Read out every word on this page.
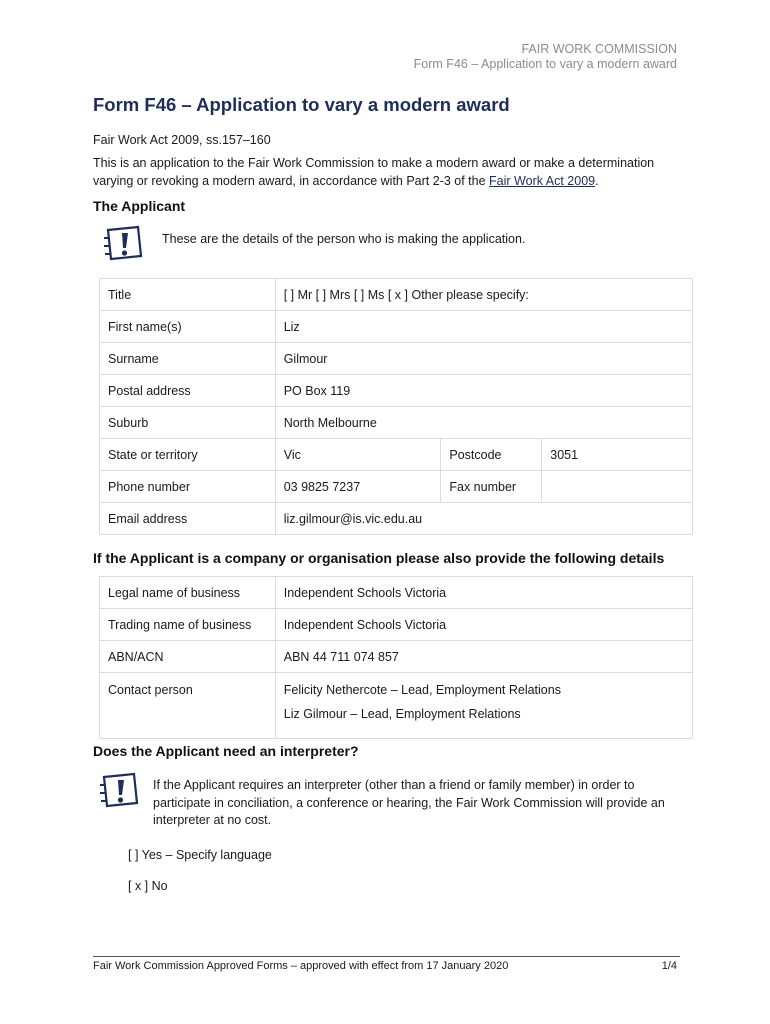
FAIR WORK COMMISSION
Form F46 – Application to vary a modern award
Form F46 – Application to vary a modern award
Fair Work Act 2009, ss.157–160
This is an application to the Fair Work Commission to make a modern award or make a determination varying or revoking a modern award, in accordance with Part 2-3 of the Fair Work Act 2009.
The Applicant
These are the details of the person who is making the application.
Title	[ ] Mr [ ] Mrs [ ] Ms [ x ] Other please specify:		
First name(s)	Liz		
Surname	Gilmour		
Postal address	PO Box 119		
Suburb	North Melbourne		
State or territory	Vic	Postcode	3051
Phone number	03 9825 7237	Fax number	
Email address	liz.gilmour@is.vic.edu.au		
If the Applicant is a company or organisation please also provide the following details
Legal name of business	Independent Schools Victoria
Trading name of business	Independent Schools Victoria
ABN/ACN	ABN 44 711 074 857
Contact person	Felicity Nethercote – Lead, Employment Relations
Liz Gilmour – Lead, Employment Relations
Does the Applicant need an interpreter?
If the Applicant requires an interpreter (other than a friend or family member) in order to participate in conciliation, a conference or hearing, the Fair Work Commission will provide an interpreter at no cost.
[ ] Yes – Specify language
[ x ] No
Fair Work Commission Approved Forms – approved with effect from 17 January 2020	1/4
